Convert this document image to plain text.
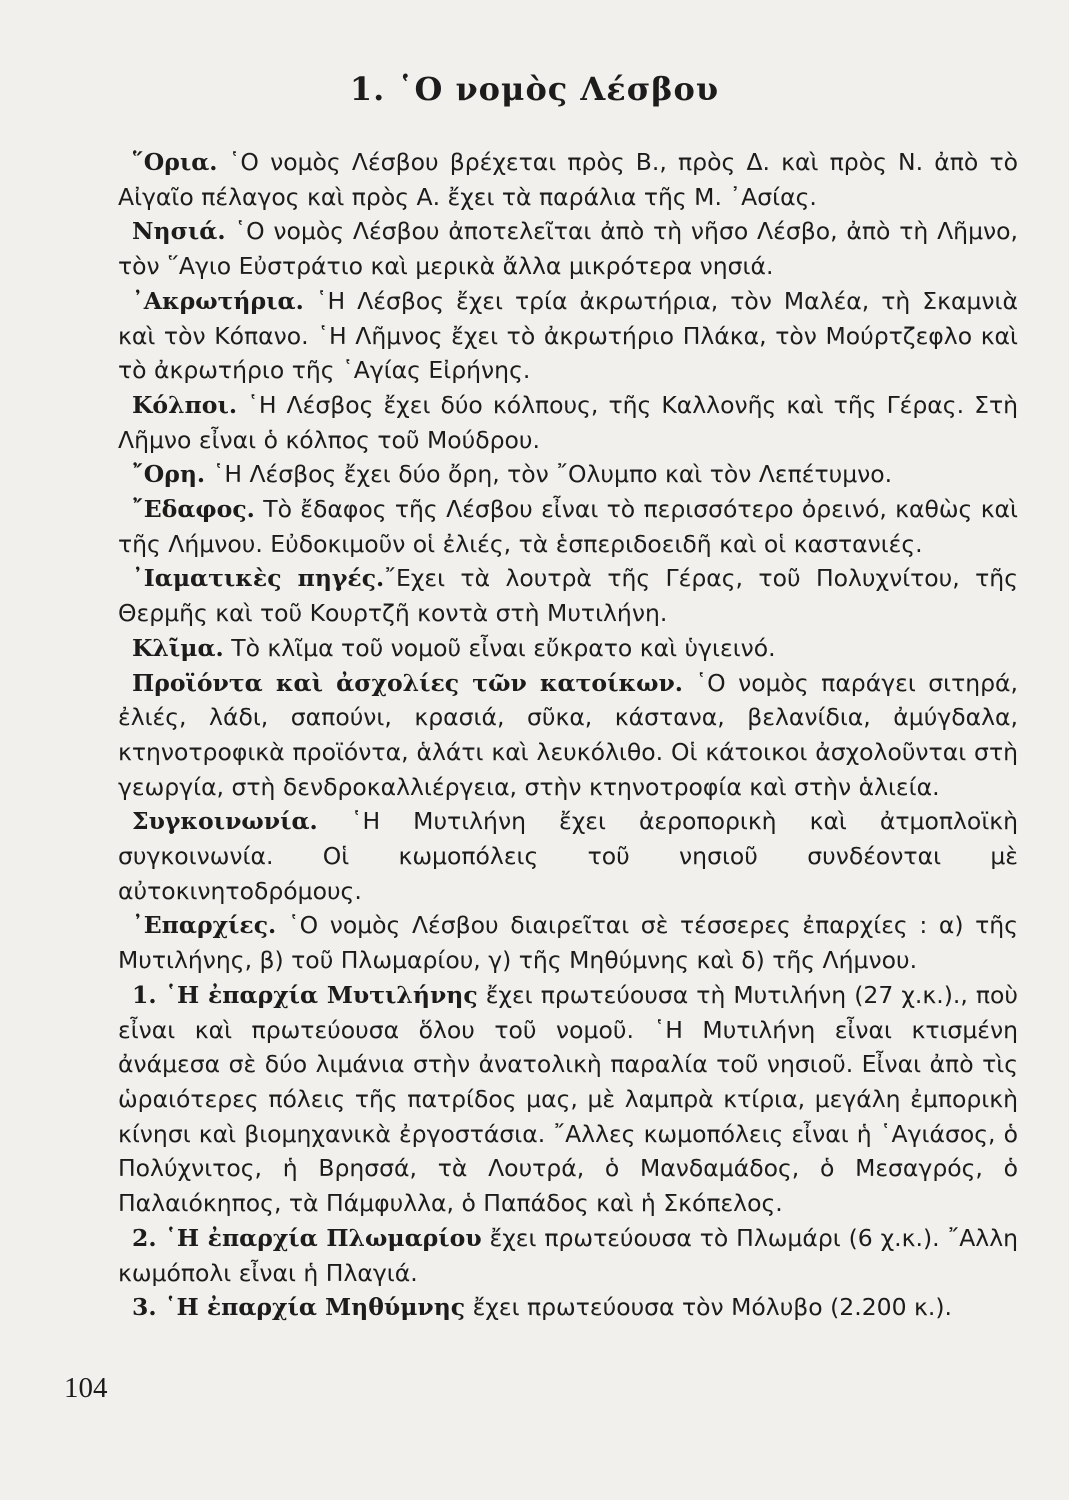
1. ῾Ο νομὸς Λέσβου

῞Ορια. ῾Ο νομὸς Λέσβου βρέχεται πρὸς Β., πρὸς Δ. καὶ πρὸς Ν. ἀπὸ τὸ Αἰγαῖο πέλαγος καὶ πρὸς Α. ἔχει τὰ παράλια τῆς Μ. ᾿Ασίας.

Νησιά. ῾Ο νομὸς Λέσβου ἀποτελεῖται ἀπὸ τὴ νῆσο Λέσβο, ἀπὸ τὴ Λῆμνο, τὸν ῞Αγιο Εὐστράτιο καὶ μερικὰ ἄλλα μικρότερα νησιά.

᾿Ακρωτήρια. ῾Η Λέσβος ἔχει τρία ἀκρωτήρια, τὸν Μαλέα, τὴ Σκαμνιὰ καὶ τὸν Κόπανο. ῾Η Λῆμνος ἔχει τὸ ἀκρωτήριο Πλάκα, τὸν Μούρτζεφλο καὶ τὸ ἀκρωτήριο τῆς ῾Αγίας Εἰρήνης.

Κόλποι. ῾Η Λέσβος ἔχει δύο κόλπους, τῆς Καλλονῆς καὶ τῆς Γέρας. Στὴ Λῆμνο εἶναι ὁ κόλπος τοῦ Μούδρου.

῎Ορη. ῾Η Λέσβος ἔχει δύο ὄρη, τὸν ῎Ολυμπο καὶ τὸν Λεπέτυμνο.

῎Εδαφος. Τὸ ἔδαφος τῆς Λέσβου εἶναι τὸ περισσότερο ὀρεινό, καθὼς καὶ τῆς Λήμνου. Εὐδοκιμοῦν οἱ ἐλιές, τὰ ἑσπεριδοειδῆ καὶ οἱ καστανιές.

᾿Ιαματικὲς πηγές.῎Εχει τὰ λουτρὰ τῆς Γέρας, τοῦ Πολυχνίτου, τῆς Θερμῆς καὶ τοῦ Κουρτζῆ κοντὰ στὴ Μυτιλήνη.

Κλῖμα. Τὸ κλῖμα τοῦ νομοῦ εἶναι εὔκρατο καὶ ὑγιεινό.

Προϊόντα καὶ ἀσχολίες τῶν κατοίκων. ῾Ο νομὸς παράγει σιτηρά, ἐλιές, λάδι, σαπούνι, κρασιά, σῦκα, κάστανα, βελανίδια, ἀμύγδαλα, κτηνοτροφικὰ προϊόντα, ἁλάτι καὶ λευκόλιθο. Οἱ κάτοικοι ἀσχολοῦνται στὴ γεωργία, στὴ δενδροκαλλιέργεια, στὴν κτηνοτροφία καὶ στὴν ἁλιεία.

Συγκοινωνία. ῾Η Μυτιλήνη ἔχει ἀεροπορικὴ καὶ ἀτμοπλοϊκὴ συγκοινωνία. Οἱ κωμοπόλεις τοῦ νησιοῦ συνδέονται μὲ αὐτοκινητοδρόμους.

᾿Επαρχίες. ῾Ο νομὸς Λέσβου διαιρεῖται σὲ τέσσερες ἐπαρχίες : α) τῆς Μυτιλήνης, β) τοῦ Πλωμαρίου, γ) τῆς Μηθύμνης καὶ δ) τῆς Λήμνου.

1. ῾Η ἐπαρχία Μυτιλήνης ἔχει πρωτεύουσα τὴ Μυτιλήνη (27 χ.κ.)., ποὺ εἶναι καὶ πρωτεύουσα ὅλου τοῦ νομοῦ. ῾Η Μυτιλήνη εἶναι κτισμένη ἀνάμεσα σὲ δύο λιμάνια στὴν ἀνατολικὴ παραλία τοῦ νησιοῦ. Εἶναι ἀπὸ τὶς ὡραιότερες πόλεις τῆς πατρίδος μας, μὲ λαμπρὰ κτίρια, μεγάλη ἐμπορικὴ κίνησι καὶ βιομηχανικὰ ἐργοστάσια. ῎Αλλες κωμοπόλεις εἶναι ἡ ῾Αγιάσος, ὁ Πολύχνιτος, ἡ Βρησσά, τὰ Λουτρά, ὁ Μανδαμάδος, ὁ Μεσαγρός, ὁ Παλαιόκηπος, τὰ Πάμφυλλα, ὁ Παπάδος καὶ ἡ Σκόπελος.

2. ῾Η ἐπαρχία Πλωμαρίου ἔχει πρωτεύουσα τὸ Πλωμάρι (6 χ.κ.). ῎Αλλη κωμόπολι εἶναι ἡ Πλαγιά.

3. ῾Η ἐπαρχία Μηθύμνης ἔχει πρωτεύουσα τὸν Μόλυβο (2.200 κ.).

104
